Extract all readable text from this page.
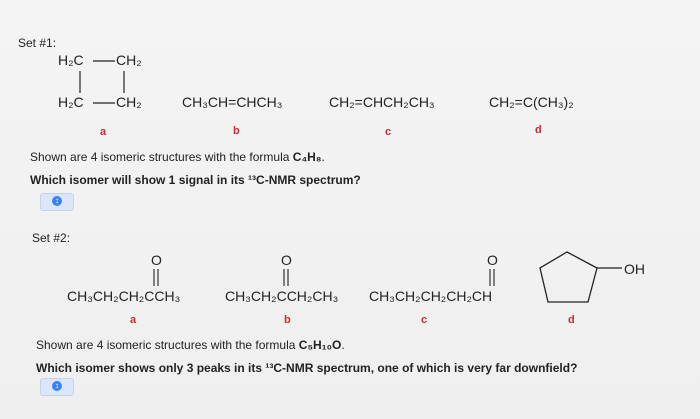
Set #1:
H₂C CH₂
H₂C CH₂	CH₃CH=CHCH₃	CH₂=CHCH₂CH₃	CH₂=C(CH₃)₂
a	b	c	d
Shown are 4 isomeric structures with the formula C₄H₈.
Which isomer will show 1 signal in its ¹³C-NMR spectrum?
↕
Set #2:
O	O	O
CH₃CH₂CH₂CCH₃	CH₃CH₂CCH₂CH₃ CH₃CH₂CH₂CH₂CH
OH
a	b	c	d
Shown are 4 isomeric structures with the formula C₅H₁₀O.
Which isomer shows only 3 peaks in its ¹³C-NMR spectrum, one of which is very far downfield?
↕
